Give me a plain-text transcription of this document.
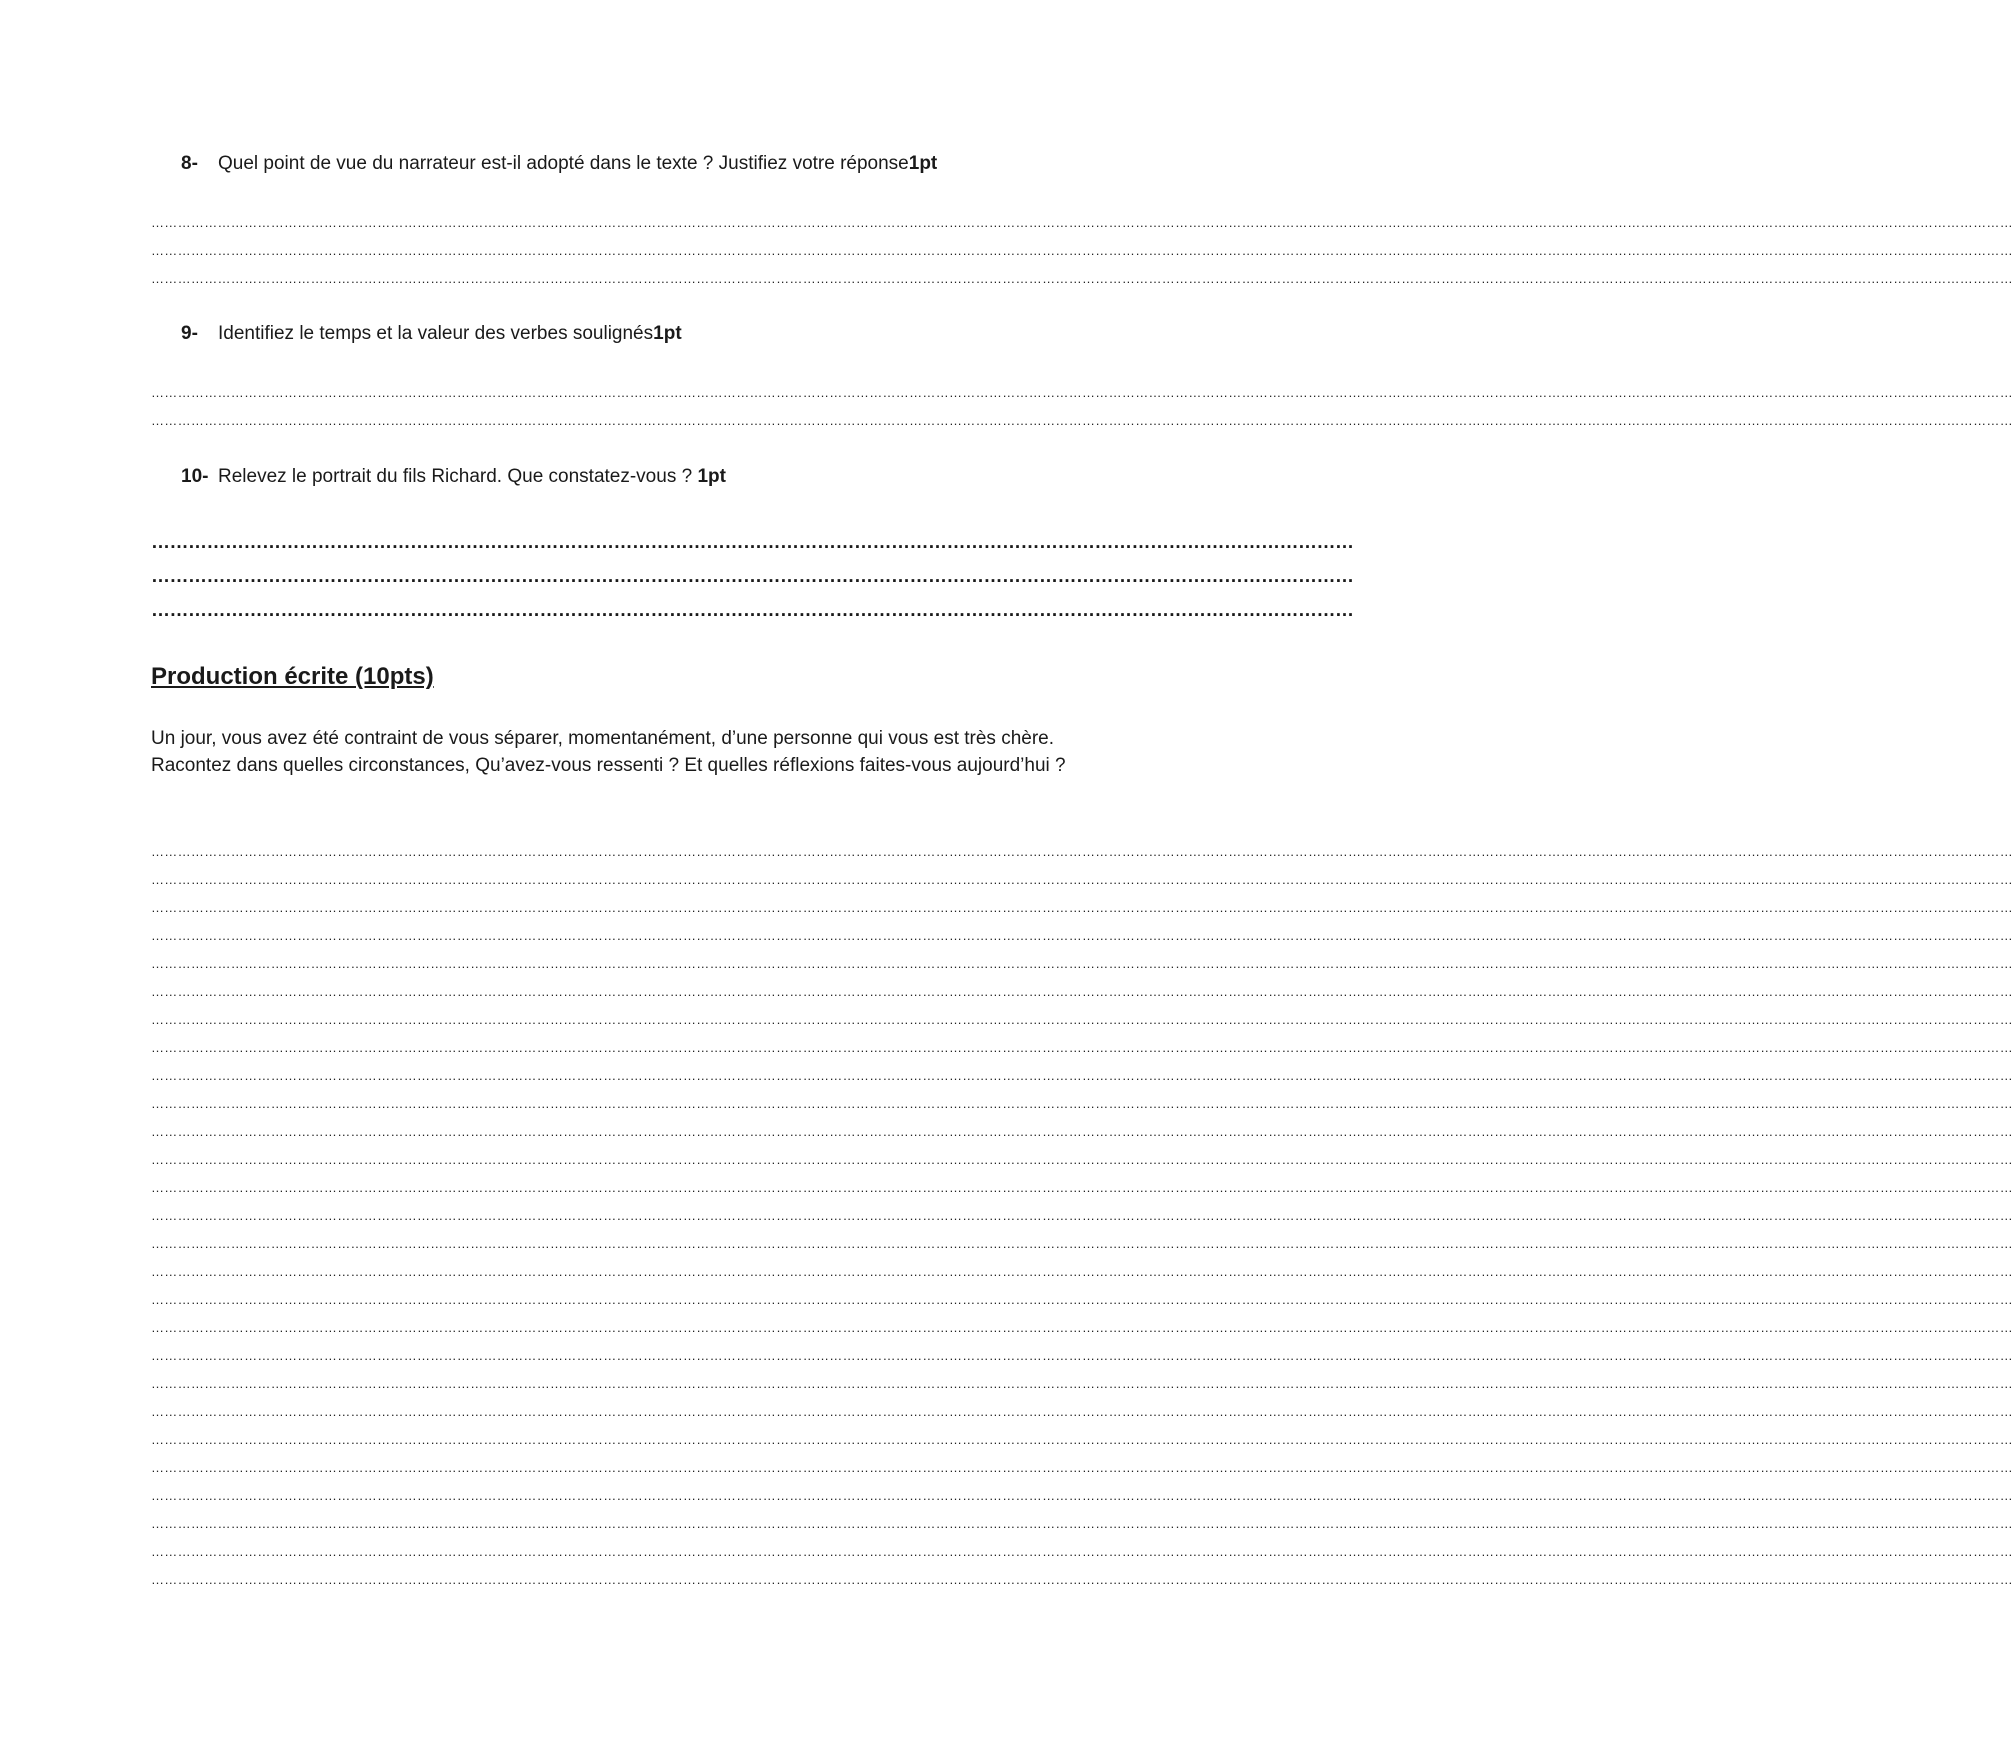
8- Quel point de vue du narrateur est-il adopté dans le texte ? Justifiez votre réponse1pt
……………………………………………………………………………………………………………………………………………………………………………………………………………………………………………………………………………………………………………………………………………………………………………………
……………………………………………………………………………………………………………………………………………………………………………………………………………………………………………………………………………………………………………………………………………………………………………………
……………………………………………………………………………………………………………………………………………………………………………………………………………………………………………………………………………………………………………………………………………………………………………………
9- Identifiez le temps et la valeur des verbes soulignés1pt
……………………………………………………………………………………………………………………………………………………………………………………………………………………………………………………………………………………………………………………………………………………………………………………
……………………………………………………………………………………………………………………………………………………………………………………………………………………………………………………………………………………………………………………………………………………………………………………
10- Relevez le portrait du fils Richard. Que constatez-vous ? 1pt
……………………………………………………………………………………………………………………………………………………………………………
……………………………………………………………………………………………………………………………………………………………………………
……………………………………………………………………………………………………………………………………………………………………………
Production écrite (10pts)
Un jour, vous avez été contraint de vous séparer, momentanément, d’une personne qui vous est très chère. Racontez dans quelles circonstances, Qu’avez-vous ressenti ? Et quelles réflexions faites-vous aujourd’hui ?
……………………………………………………………………………………………………………………………………………………………………………………………………………………………………………………………………………………………………………………………………………………………………………………
……………………………………………………………………………………………………………………………………………………………………………………………………………………………………………………………………………………………………………………………………………………………………………………
……………………………………………………………………………………………………………………………………………………………………………………………………………………………………………………………………………………………………………………………………………………………………………………
……………………………………………………………………………………………………………………………………………………………………………………………………………………………………………………………………………………………………………………………………………………………………………………
……………………………………………………………………………………………………………………………………………………………………………………………………………………………………………………………………………………………………………………………………………………………………………………
……………………………………………………………………………………………………………………………………………………………………………………………………………………………………………………………………………………………………………………………………………………………………………………
……………………………………………………………………………………………………………………………………………………………………………………………………………………………………………………………………………………………………………………………………………………………………………………
……………………………………………………………………………………………………………………………………………………………………………………………………………………………………………………………………………………………………………………………………………………………………………………
……………………………………………………………………………………………………………………………………………………………………………………………………………………………………………………………………………………………………………………………………………………………………………………
……………………………………………………………………………………………………………………………………………………………………………………………………………………………………………………………………………………………………………………………………………………………………………………
……………………………………………………………………………………………………………………………………………………………………………………………………………………………………………………………………………………………………………………………………………………………………………………
……………………………………………………………………………………………………………………………………………………………………………………………………………………………………………………………………………………………………………………………………………………………………………………
……………………………………………………………………………………………………………………………………………………………………………………………………………………………………………………………………………………………………………………………………………………………………………………
……………………………………………………………………………………………………………………………………………………………………………………………………………………………………………………………………………………………………………………………………………………………………………………
……………………………………………………………………………………………………………………………………………………………………………………………………………………………………………………………………………………………………………………………………………………………………………………
……………………………………………………………………………………………………………………………………………………………………………………………………………………………………………………………………………………………………………………………………………………………………………………
……………………………………………………………………………………………………………………………………………………………………………………………………………………………………………………………………………………………………………………………………………………………………………………
……………………………………………………………………………………………………………………………………………………………………………………………………………………………………………………………………………………………………………………………………………………………………………………
……………………………………………………………………………………………………………………………………………………………………………………………………………………………………………………………………………………………………………………………………………………………………………………
……………………………………………………………………………………………………………………………………………………………………………………………………………………………………………………………………………………………………………………………………………………………………………………
……………………………………………………………………………………………………………………………………………………………………………………………………………………………………………………………………………………………………………………………………………………………………………………
……………………………………………………………………………………………………………………………………………………………………………………………………………………………………………………………………………………………………………………………………………………………………………………
……………………………………………………………………………………………………………………………………………………………………………………………………………………………………………………………………………………………………………………………………………………………………………………
……………………………………………………………………………………………………………………………………………………………………………………………………………………………………………………………………………………………………………………………………………………………………………………
……………………………………………………………………………………………………………………………………………………………………………………………………………………………………………………………………………………………………………………………………………………………………………………
……………………………………………………………………………………………………………………………………………………………………………………………………………………………………………………………………………………………………………………………………………………………………………………
……………………………………………………………………………………………………………………………………………………………………………………………………………………………………………………………………………………………………………………………………………………………………………………
